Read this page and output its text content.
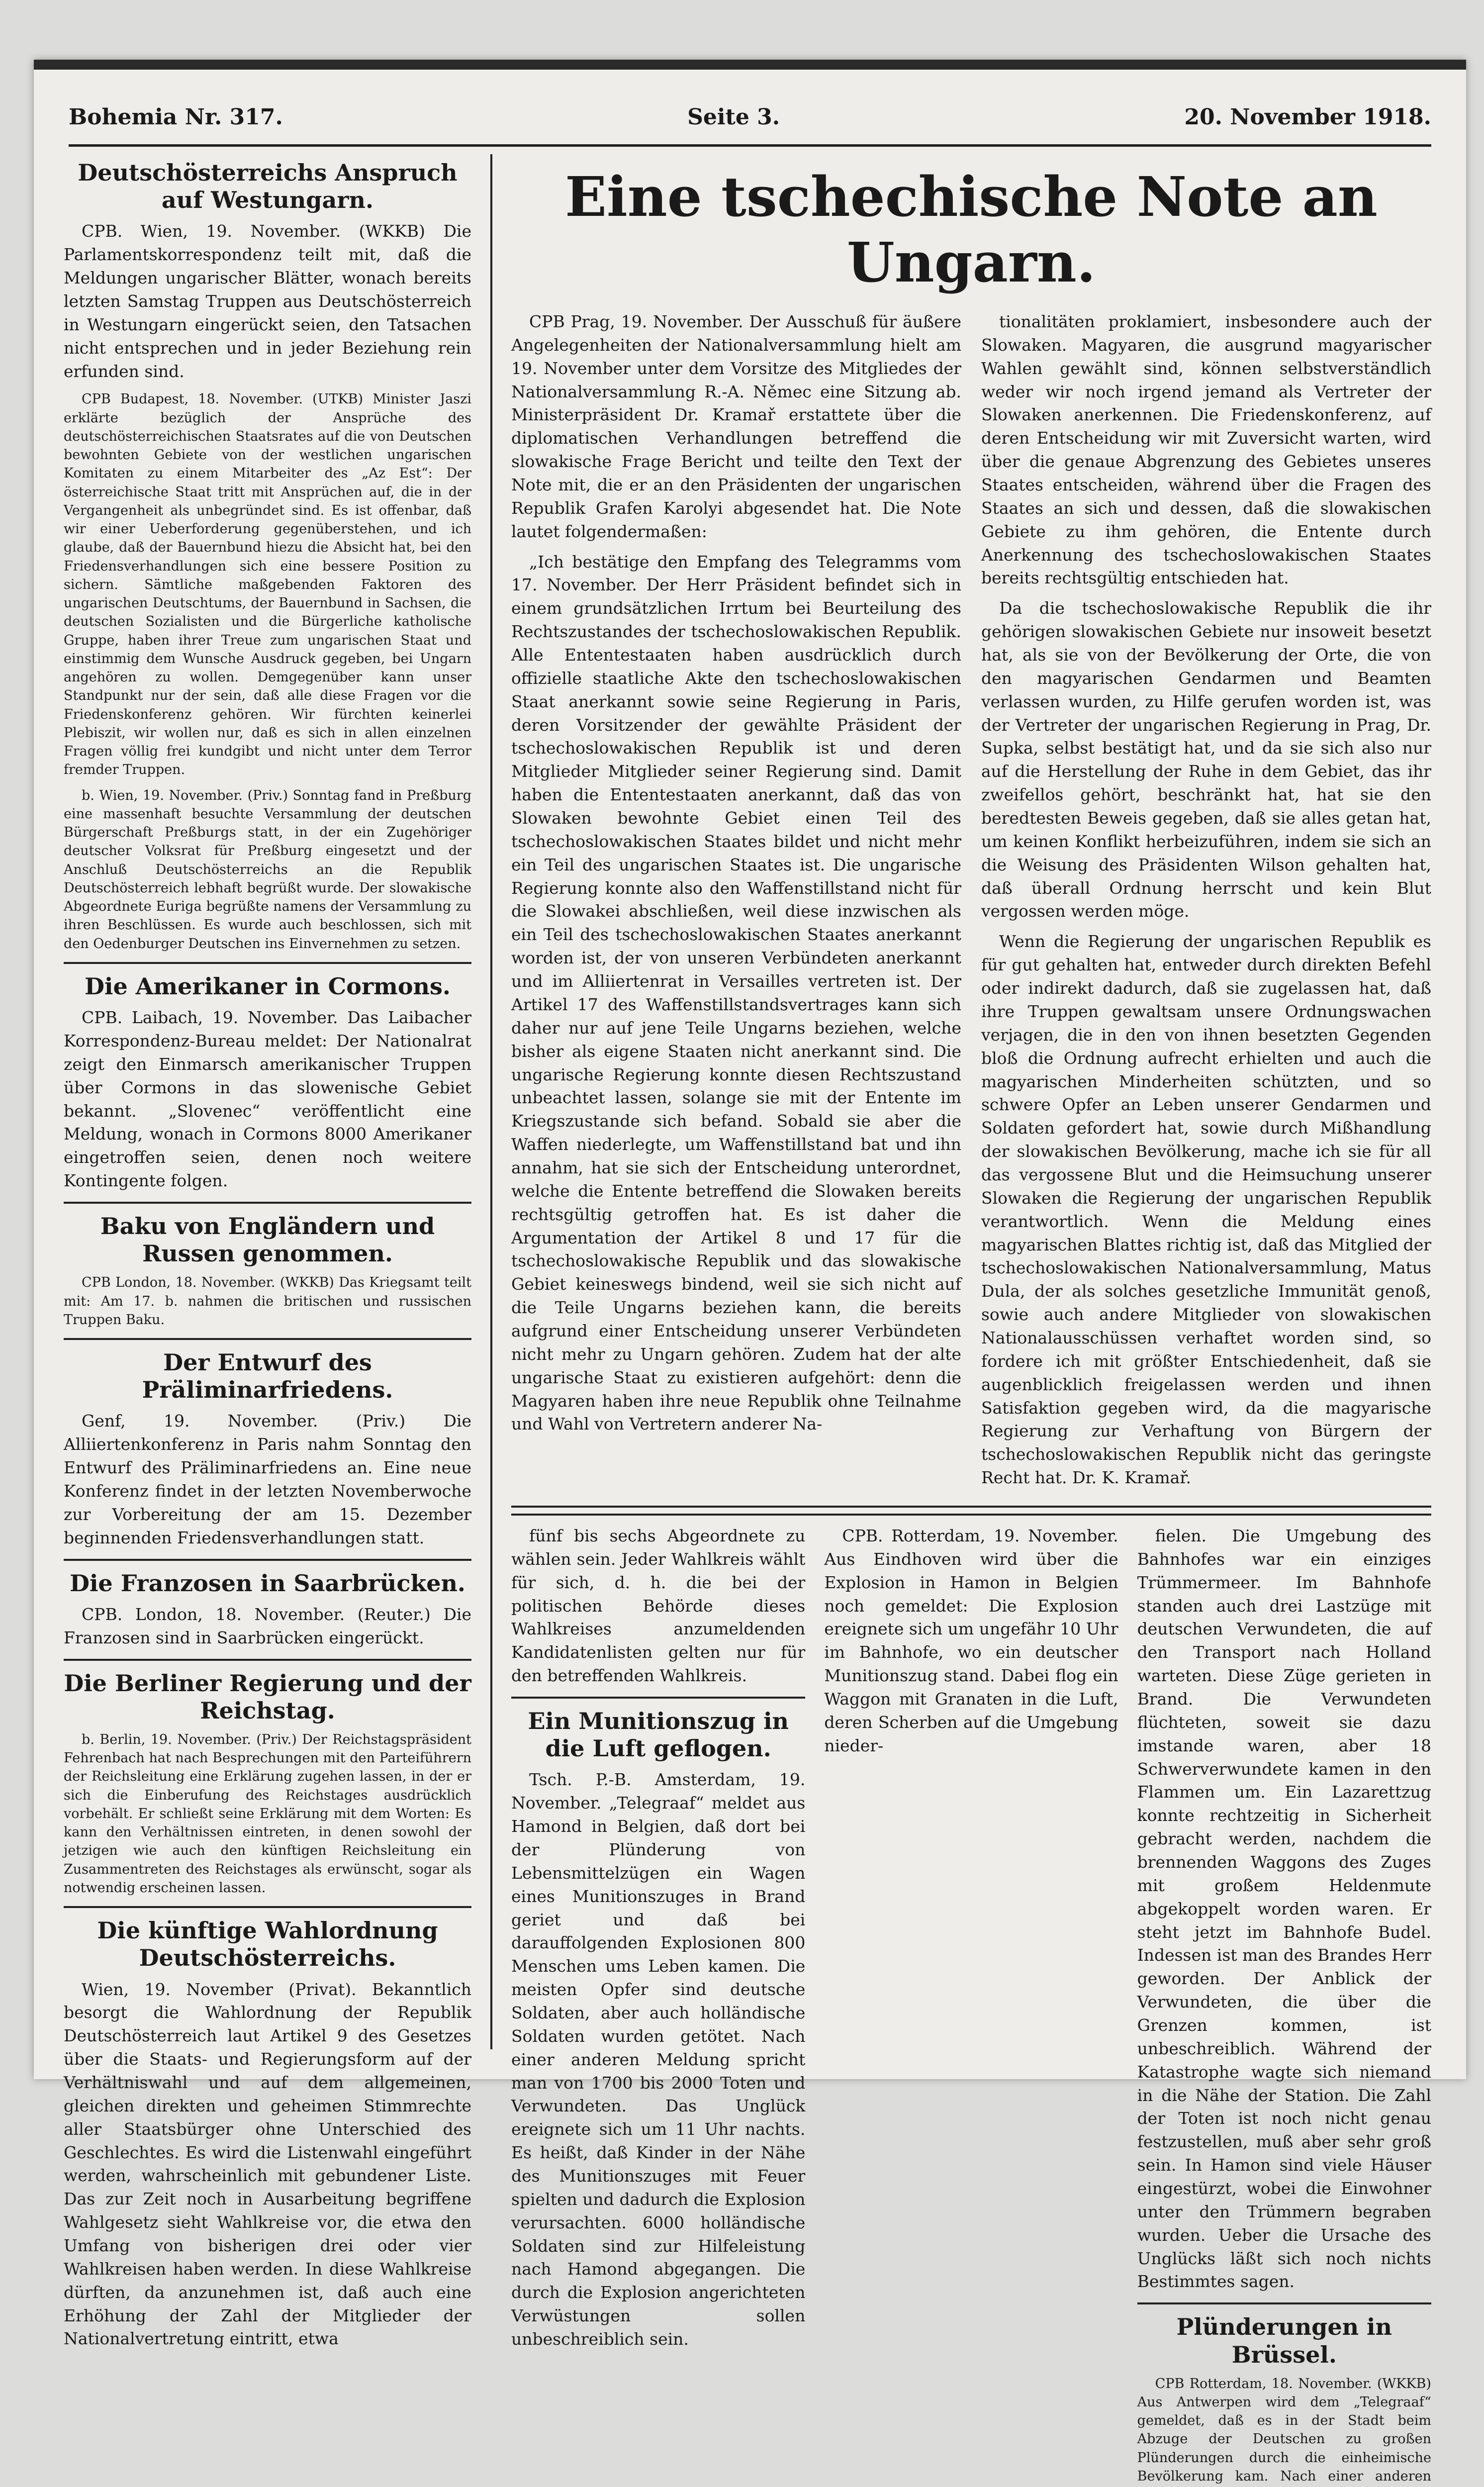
Bohemia Nr. 317.	Seite 3.	20. November 1918.
Deutschösterreichs Anspruch auf Westungarn.

CPB. Wien, 19. November. (WKKB) Die Parlamentskorrespondenz teilt mit, daß die Meldungen ungarischer Blätter, wonach bereits letzten Samstag Truppen aus Deutschösterreich in Westungarn eingerückt seien, den Tatsachen nicht entsprechen und in jeder Beziehung rein erfunden sind.

CPB Budapest, 18. November. (UTKB) Minister Jaszi erklärte bezüglich der Ansprüche des deutschösterreichischen Staatsrates auf die von Deutschen bewohnten Gebiete von der westlichen ungarischen Komitaten zu einem Mitarbeiter des „Az Est“: Der österreichische Staat tritt mit Ansprüchen auf, die in der Vergangenheit als unbegründet sind. Es ist offenbar, daß wir einer Ueberforderung gegenüberstehen, und ich glaube, daß der Bauernbund hiezu die Absicht hat, bei den Friedensverhandlungen sich eine bessere Position zu sichern. Sämtliche maßgebenden Faktoren des ungarischen Deutschtums, der Bauernbund in Sachsen, die deutschen Sozialisten und die Bürgerliche katholische Gruppe, haben ihrer Treue zum ungarischen Staat und einstimmig dem Wunsche Ausdruck gegeben, bei Ungarn angehören zu wollen. Demgegenüber kann unser Standpunkt nur der sein, daß alle diese Fragen vor die Friedenskonferenz gehören. Wir fürchten keinerlei Plebiszit, wir wollen nur, daß es sich in allen einzelnen Fragen völlig frei kundgibt und nicht unter dem Terror fremder Truppen.

b. Wien, 19. November. (Priv.) Sonntag fand in Preßburg eine massenhaft besuchte Versammlung der deutschen Bürgerschaft Preßburgs statt, in der ein Zugehöriger deutscher Volksrat für Preßburg eingesetzt und der Anschluß Deutschösterreichs an die Republik Deutschösterreich lebhaft begrüßt wurde. Der slowakische Abgeordnete Euriga begrüßte namens der Versammlung zu ihren Beschlüssen. Es wurde auch beschlossen, sich mit den Oedenburger Deutschen ins Einvernehmen zu setzen.

Die Amerikaner in Cormons.

CPB. Laibach, 19. November. Das Laibacher Korrespondenz-Bureau meldet: Der Nationalrat zeigt den Einmarsch amerikanischer Truppen über Cormons in das slowenische Gebiet bekannt. „Slovenec“ veröffentlicht eine Meldung, wonach in Cormons 8000 Amerikaner eingetroffen seien, denen noch weitere Kontingente folgen.

Baku von Engländern und Russen genommen.

CPB London, 18. November. (WKKB) Das Kriegsamt teilt mit: Am 17. b. nahmen die britischen und russischen Truppen Baku.

Der Entwurf des Präliminarfriedens.

Genf, 19. November. (Priv.) Die Alliiertenkonferenz in Paris nahm Sonntag den Entwurf des Präliminarfriedens an. Eine neue Konferenz findet in der letzten Novemberwoche zur Vorbereitung der am 15. Dezember beginnenden Friedensverhandlungen statt.

Die Franzosen in Saarbrücken.

CPB. London, 18. November. (Reuter.) Die Franzosen sind in Saarbrücken eingerückt.

Die Berliner Regierung und der Reichstag.

b. Berlin, 19. November. (Priv.) Der Reichstagspräsident Fehrenbach hat nach Besprechungen mit den Parteiführern der Reichsleitung eine Erklärung zugehen lassen, in der er sich die Einberufung des Reichstages ausdrücklich vorbehält. Er schließt seine Erklärung mit dem Worten: Es kann den Verhältnissen eintreten, in denen sowohl der jetzigen wie auch den künftigen Reichsleitung ein Zusammentreten des Reichstages als erwünscht, sogar als notwendig erscheinen lassen.

Die künftige Wahlordnung Deutschösterreichs.

Wien, 19. November (Privat). Bekanntlich besorgt die Wahlordnung der Republik Deutschösterreich laut Artikel 9 des Gesetzes über die Staats- und Regierungsform auf der Verhältniswahl und auf dem allgemeinen, gleichen direkten und geheimen Stimmrechte aller Staatsbürger ohne Unterschied des Geschlechtes. Es wird die Listenwahl eingeführt werden, wahrscheinlich mit gebundener Liste. Das zur Zeit noch in Ausarbeitung begriffene Wahlgesetz sieht Wahlkreise vor, die etwa den Umfang von bisherigen drei oder vier Wahlkreisen haben werden. In diese Wahlkreise dürften, da anzunehmen ist, daß auch eine Erhöhung der Zahl der Mitglieder der Nationalvertretung eintritt, etwa

Eine tschechische Note an Ungarn.

CPB Prag, 19. November. Der Ausschuß für äußere Angelegenheiten der Nationalversammlung hielt am 19. November unter dem Vorsitze des Mitgliedes der Nationalversammlung R.-A. Němec eine Sitzung ab. Ministerpräsident Dr. Kramař erstattete über die diplomatischen Verhandlungen betreffend die slowakische Frage Bericht und teilte den Text der Note mit, die er an den Präsidenten der ungarischen Republik Grafen Karolyi abgesendet hat. Die Note lautet folgendermaßen:

„Ich bestätige den Empfang des Telegramms vom 17. November. Der Herr Präsident befindet sich in einem grundsätzlichen Irrtum bei Beurteilung des Rechtszustandes der tschechoslowakischen Republik. Alle Ententestaaten haben ausdrücklich durch offizielle staatliche Akte den tschechoslowakischen Staat anerkannt sowie seine Regierung in Paris, deren Vorsitzender der gewählte Präsident der tschechoslowakischen Republik ist und deren Mitglieder Mitglieder seiner Regierung sind. Damit haben die Ententestaaten anerkannt, daß das von Slowaken bewohnte Gebiet einen Teil des tschechoslowakischen Staates bildet und nicht mehr ein Teil des ungarischen Staates ist. Die ungarische Regierung konnte also den Waffenstillstand nicht für die Slowakei abschließen, weil diese inzwischen als ein Teil des tschechoslowakischen Staates anerkannt worden ist, der von unseren Verbündeten anerkannt und im Alliiertenrat in Versailles vertreten ist. Der Artikel 17 des Waffenstillstandsvertrages kann sich daher nur auf jene Teile Ungarns beziehen, welche bisher als eigene Staaten nicht anerkannt sind. Die ungarische Regierung konnte diesen Rechtszustand unbeachtet lassen, solange sie mit der Entente im Kriegszustande sich befand. Sobald sie aber die Waffen niederlegte, um Waffenstillstand bat und ihn annahm, hat sie sich der Entscheidung unterordnet, welche die Entente betreffend die Slowaken bereits rechtsgültig getroffen hat. Es ist daher die Argumentation der Artikel 8 und 17 für die tschechoslowakische Republik und das slowakische Gebiet keineswegs bindend, weil sie sich nicht auf die Teile Ungarns beziehen kann, die bereits aufgrund einer Entscheidung unserer Verbündeten nicht mehr zu Ungarn gehören. Zudem hat der alte ungarische Staat zu existieren aufgehört: denn die Magyaren haben ihre neue Republik ohne Teilnahme und Wahl von Vertretern anderer Na-

tionalitäten proklamiert, insbesondere auch der Slowaken. Magyaren, die ausgrund magyarischer Wahlen gewählt sind, können selbstverständlich weder wir noch irgend jemand als Vertreter der Slowaken anerkennen. Die Friedenskonferenz, auf deren Entscheidung wir mit Zuversicht warten, wird über die genaue Abgrenzung des Gebietes unseres Staates entscheiden, während über die Fragen des Staates an sich und dessen, daß die slowakischen Gebiete zu ihm gehören, die Entente durch Anerkennung des tschechoslowakischen Staates bereits rechtsgültig entschieden hat.

Da die tschechoslowakische Republik die ihr gehörigen slowakischen Gebiete nur insoweit besetzt hat, als sie von der Bevölkerung der Orte, die von den magyarischen Gendarmen und Beamten verlassen wurden, zu Hilfe gerufen worden ist, was der Vertreter der ungarischen Regierung in Prag, Dr. Supka, selbst bestätigt hat, und da sie sich also nur auf die Herstellung der Ruhe in dem Gebiet, das ihr zweifellos gehört, beschränkt hat, hat sie den beredtesten Beweis gegeben, daß sie alles getan hat, um keinen Konflikt herbeizuführen, indem sie sich an die Weisung des Präsidenten Wilson gehalten hat, daß überall Ordnung herrscht und kein Blut vergossen werden möge.

Wenn die Regierung der ungarischen Republik es für gut gehalten hat, entweder durch direkten Befehl oder indirekt dadurch, daß sie zugelassen hat, daß ihre Truppen gewaltsam unsere Ordnungswachen verjagen, die in den von ihnen besetzten Gegenden bloß die Ordnung aufrecht erhielten und auch die magyarischen Minderheiten schützten, und so schwere Opfer an Leben unserer Gendarmen und Soldaten gefordert hat, sowie durch Mißhandlung der slowakischen Bevölkerung, mache ich sie für all das vergossene Blut und die Heimsuchung unserer Slowaken die Regierung der ungarischen Republik verantwortlich. Wenn die Meldung eines magyarischen Blattes richtig ist, daß das Mitglied der tschechoslowakischen Nationalversammlung, Matus Dula, der als solches gesetzliche Immunität genoß, sowie auch andere Mitglieder von slowakischen Nationalausschüssen verhaftet worden sind, so fordere ich mit größter Entschiedenheit, daß sie augenblicklich freigelassen werden und ihnen Satisfaktion gegeben wird, da die magyarische Regierung zur Verhaftung von Bürgern der tschechoslowakischen Republik nicht das geringste Recht hat. Dr. K. Kramař.

fünf bis sechs Abgeordnete zu wählen sein. Jeder Wahlkreis wählt für sich, d. h. die bei der politischen Behörde dieses Wahlkreises anzumeldenden Kandidatenlisten gelten nur für den betreffenden Wahlkreis.

Ein Munitionszug in die Luft geflogen.

Tsch. P.-B. Amsterdam, 19. November. „Telegraaf“ meldet aus Hamond in Belgien, daß dort bei der Plünderung von Lebensmittelzügen ein Wagen eines Munitionszuges in Brand geriet und daß bei darauffolgenden Explosionen 800 Menschen ums Leben kamen. Die meisten Opfer sind deutsche Soldaten, aber auch holländische Soldaten wurden getötet. Nach einer anderen Meldung spricht man von 1700 bis 2000 Toten und Verwundeten. Das Unglück ereignete sich um 11 Uhr nachts. Es heißt, daß Kinder in der Nähe des Munitionszuges mit Feuer spielten und dadurch die Explosion verursachten. 6000 holländische Soldaten sind zur Hilfeleistung nach Hamond abgegangen. Die durch die Explosion angerichteten Verwüstungen sollen unbeschreiblich sein.

CPB. Rotterdam, 19. November. Aus Eindhoven wird über die Explosion in Hamon in Belgien noch gemeldet: Die Explosion ereignete sich um ungefähr 10 Uhr im Bahnhofe, wo ein deutscher Munitionszug stand. Dabei flog ein Waggon mit Granaten in die Luft, deren Scherben auf die Umgebung nieder-

fielen. Die Umgebung des Bahnhofes war ein einziges Trümmermeer. Im Bahnhofe standen auch drei Lastzüge mit deutschen Verwundeten, die auf den Transport nach Holland warteten. Diese Züge gerieten in Brand. Die Verwundeten flüchteten, soweit sie dazu imstande waren, aber 18 Schwerverwundete kamen in den Flammen um. Ein Lazarettzug konnte rechtzeitig in Sicherheit gebracht werden, nachdem die brennenden Waggons des Zuges mit großem Heldenmute abgekoppelt worden waren. Er steht jetzt im Bahnhofe Budel. Indessen ist man des Brandes Herr geworden. Der Anblick der Verwundeten, die über die Grenzen kommen, ist unbeschreiblich. Während der Katastrophe wagte sich niemand in die Nähe der Station. Die Zahl der Toten ist noch nicht genau festzustellen, muß aber sehr groß sein. In Hamon sind viele Häuser eingestürzt, wobei die Einwohner unter den Trümmern begraben wurden. Ueber die Ursache des Unglücks läßt sich noch nichts Bestimmtes sagen.

Plünderungen in Brüssel.

CPB Rotterdam, 18. November. (WKKB) Aus Antwerpen wird dem „Telegraaf“ gemeldet, daß es in der Stadt beim Abzuge der Deutschen zu großen Plünderungen durch die einheimische Bevölkerung kam. Nach einer anderen
